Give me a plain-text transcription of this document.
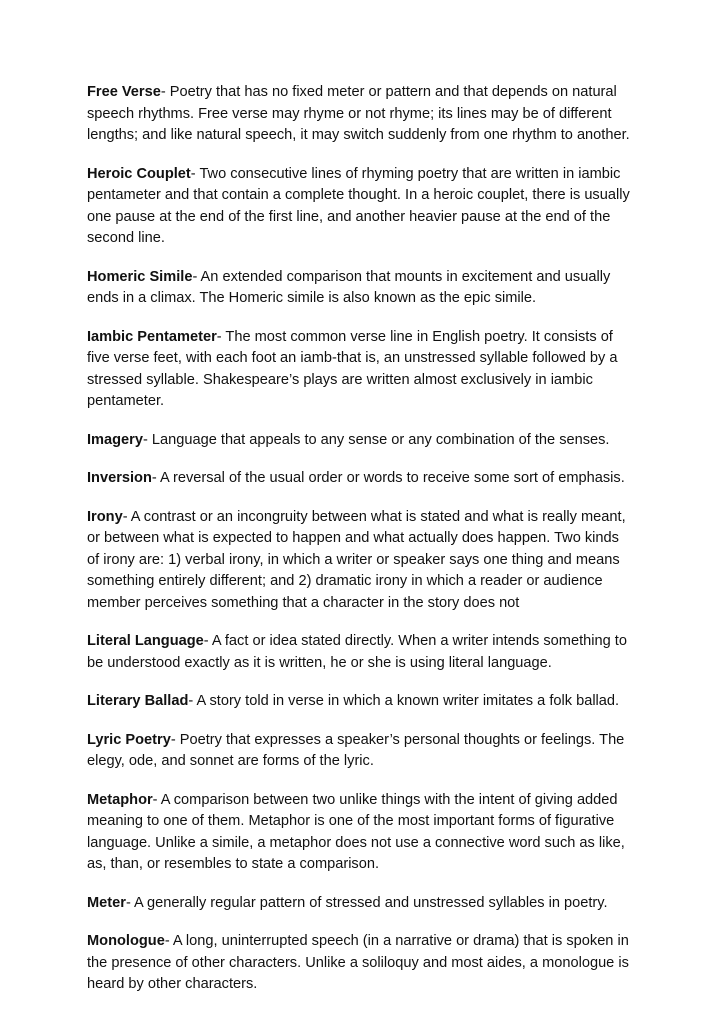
Free Verse- Poetry that has no fixed meter or pattern and that depends on natural speech rhythms. Free verse may rhyme or not rhyme; its lines may be of different lengths; and like natural speech, it may switch suddenly from one rhythm to another.

Heroic Couplet- Two consecutive lines of rhyming poetry that are written in iambic pentameter and that contain a complete thought. In a heroic couplet, there is usually one pause at the end of the first line, and another heavier pause at the end of the second line.

Homeric Simile- An extended comparison that mounts in excitement and usually ends in a climax. The Homeric simile is also known as the epic simile.

Iambic Pentameter- The most common verse line in English poetry. It consists of five verse feet, with each foot an iamb-that is, an unstressed syllable followed by a stressed syllable. Shakespeare’s plays are written almost exclusively in iambic pentameter.

Imagery- Language that appeals to any sense or any combination of the senses.

Inversion- A reversal of the usual order or words to receive some sort of emphasis.

Irony- A contrast or an incongruity between what is stated and what is really meant, or between what is expected to happen and what actually does happen. Two kinds of irony are: 1) verbal irony, in which a writer or speaker says one thing and means something entirely different; and 2) dramatic irony in which a reader or audience member perceives something that a character in the story does not

Literal Language- A fact or idea stated directly. When a writer intends something to be understood exactly as it is written, he or she is using literal language.

Literary Ballad- A story told in verse in which a known writer imitates a folk ballad.

Lyric Poetry- Poetry that expresses a speaker’s personal thoughts or feelings. The elegy, ode, and sonnet are forms of the lyric.

Metaphor- A comparison between two unlike things with the intent of giving added meaning to one of them. Metaphor is one of the most important forms of figurative language. Unlike a simile, a metaphor does not use a connective word such as like, as, than, or resembles to state a comparison.

Meter- A generally regular pattern of stressed and unstressed syllables in poetry.

Monologue- A long, uninterrupted speech (in a narrative or drama) that is spoken in the presence of other characters. Unlike a soliloquy and most aides, a monologue is heard by other characters.
